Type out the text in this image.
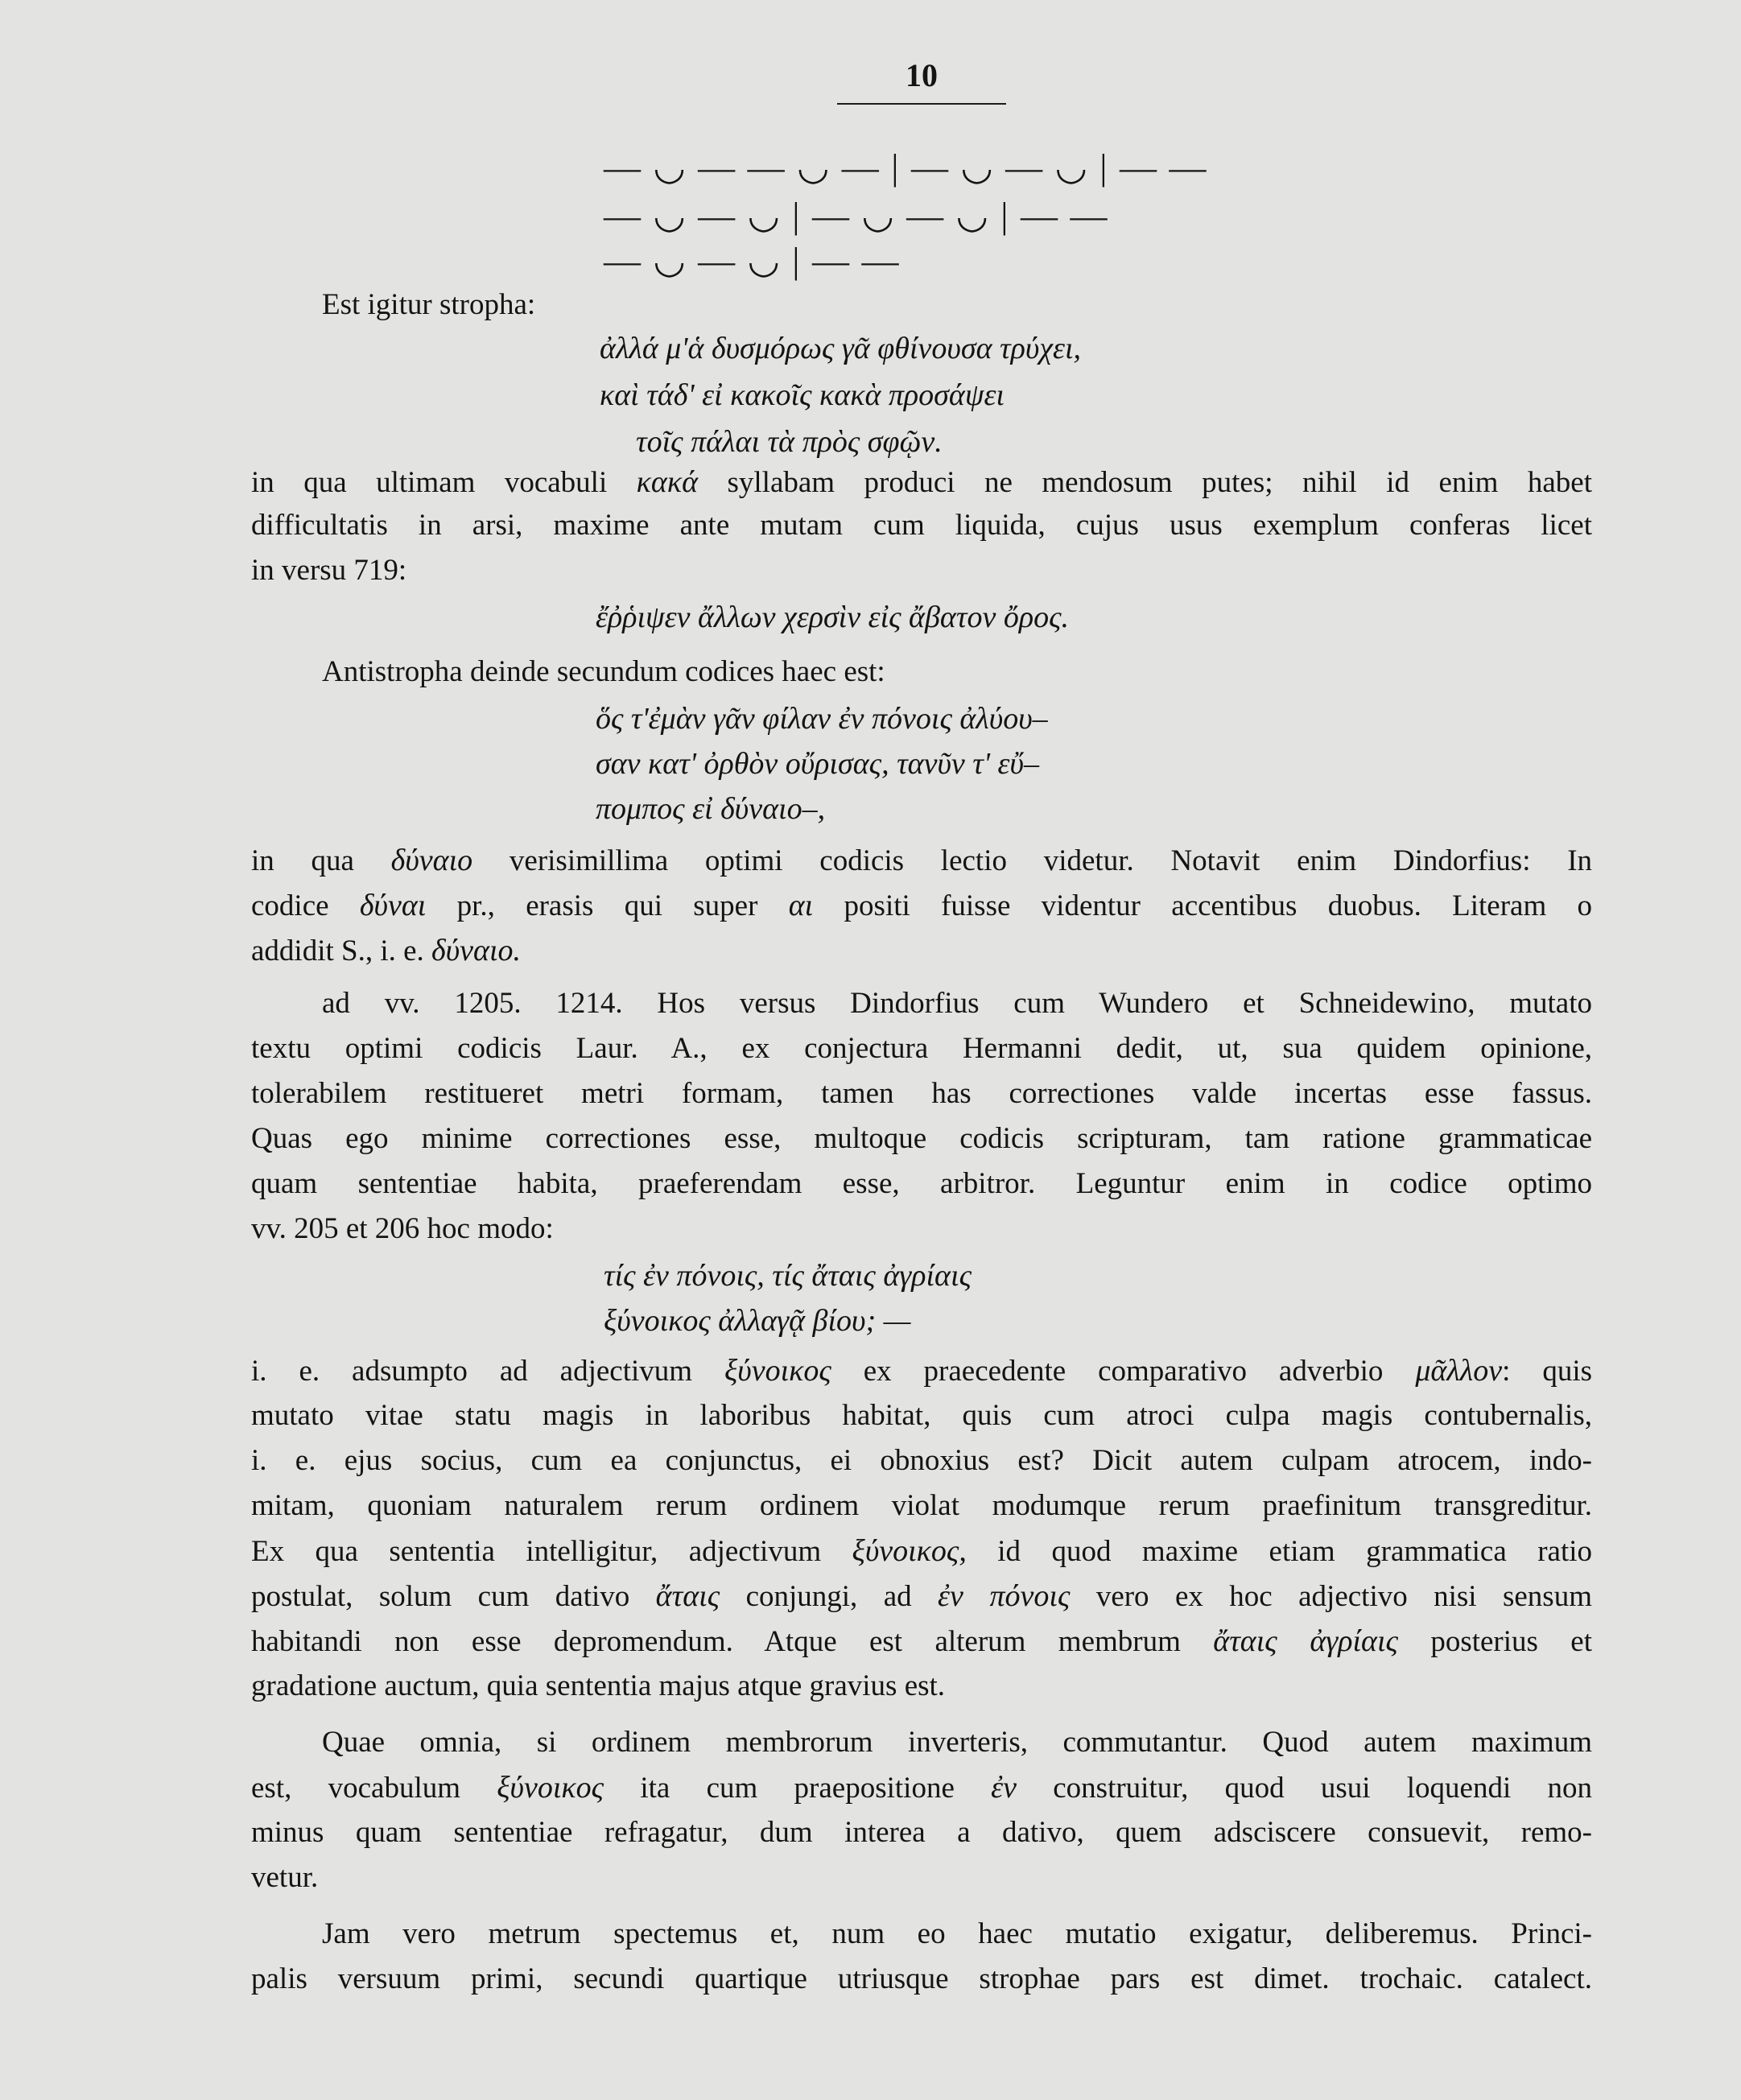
10
— ◡ — — ◡ — | — ◡ — ◡ | — —
— ◡ — ◡ | — ◡ — ◡ | — —
— ◡ — ◡ | — —
Est igitur stropha:
ἀλλά μ'ἁ δυσμόρως γᾶ φθίνουσα τρύχει,
καὶ τάδ' εἰ κακοῖς κακὰ προσάψει
τοῖς πάλαι τὰ πρὸς σφῷν.
in qua ultimam vocabuli κακά syllabam produci ne mendosum putes; nihil id enim habet
difficultatis in arsi, maxime ante mutam cum liquida, cujus usus exemplum conferas licet
in versu 719:
ἔῤῥιψεν ἄλλων χερσὶν εἰς ἄβατον ὄρος.
Antistropha deinde secundum codices haec est:
ὅς τ'ἐμὰν γᾶν φίλαν ἐν πόνοις ἀλύου–
σαν κατ' ὀρθὸν οὔρισας, τανῦν τ' εὔ–
πομπος εἰ δύναιο–,
in qua δύναιο verisimillima optimi codicis lectio videtur. Notavit enim Dindorfius: In
codice δύναι pr., erasis qui super αι positi fuisse videntur accentibus duobus. Literam o
addidit S., i. e. δύναιο.
ad vv. 1205. 1214. Hos versus Dindorfius cum Wundero et Schneidewino, mutato
textu optimi codicis Laur. A., ex conjectura Hermanni dedit, ut, sua quidem opinione,
tolerabilem restitueret metri formam, tamen has correctiones valde incertas esse fassus.
Quas ego minime correctiones esse, multoque codicis scripturam, tam ratione grammaticae
quam sententiae habita, praeferendam esse, arbitror. Leguntur enim in codice optimo
vv. 205 et 206 hoc modo:
τίς ἐν πόνοις, τίς ἄταις ἀγρίαις
ξύνοικος ἀλλαγᾷ βίου; —
i. e. adsumpto ad adjectivum ξύνοικος ex praecedente comparativo adverbio μᾶλλον: quis
mutato vitae statu magis in laboribus habitat, quis cum atroci culpa magis contubernalis,
i. e. ejus socius, cum ea conjunctus, ei obnoxius est? Dicit autem culpam atrocem, indo-
mitam, quoniam naturalem rerum ordinem violat modumque rerum praefinitum transgreditur.
Ex qua sententia intelligitur, adjectivum ξύνοικος, id quod maxime etiam grammatica ratio
postulat, solum cum dativo ἄταις conjungi, ad ἐν πόνοις vero ex hoc adjectivo nisi sensum
habitandi non esse depromendum. Atque est alterum membrum ἄταις ἀγρίαις posterius et
gradatione auctum, quia sententia majus atque gravius est.
Quae omnia, si ordinem membrorum inverteris, commutantur. Quod autem maximum
est, vocabulum ξύνοικος ita cum praepositione ἐν construitur, quod usui loquendi non
minus quam sententiae refragatur, dum interea a dativo, quem adsciscere consuevit, remo-
vetur.
Jam vero metrum spectemus et, num eo haec mutatio exigatur, deliberemus. Princi-
palis versuum primi, secundi quartique utriusque strophae pars est dimet. trochaic. catalect.
